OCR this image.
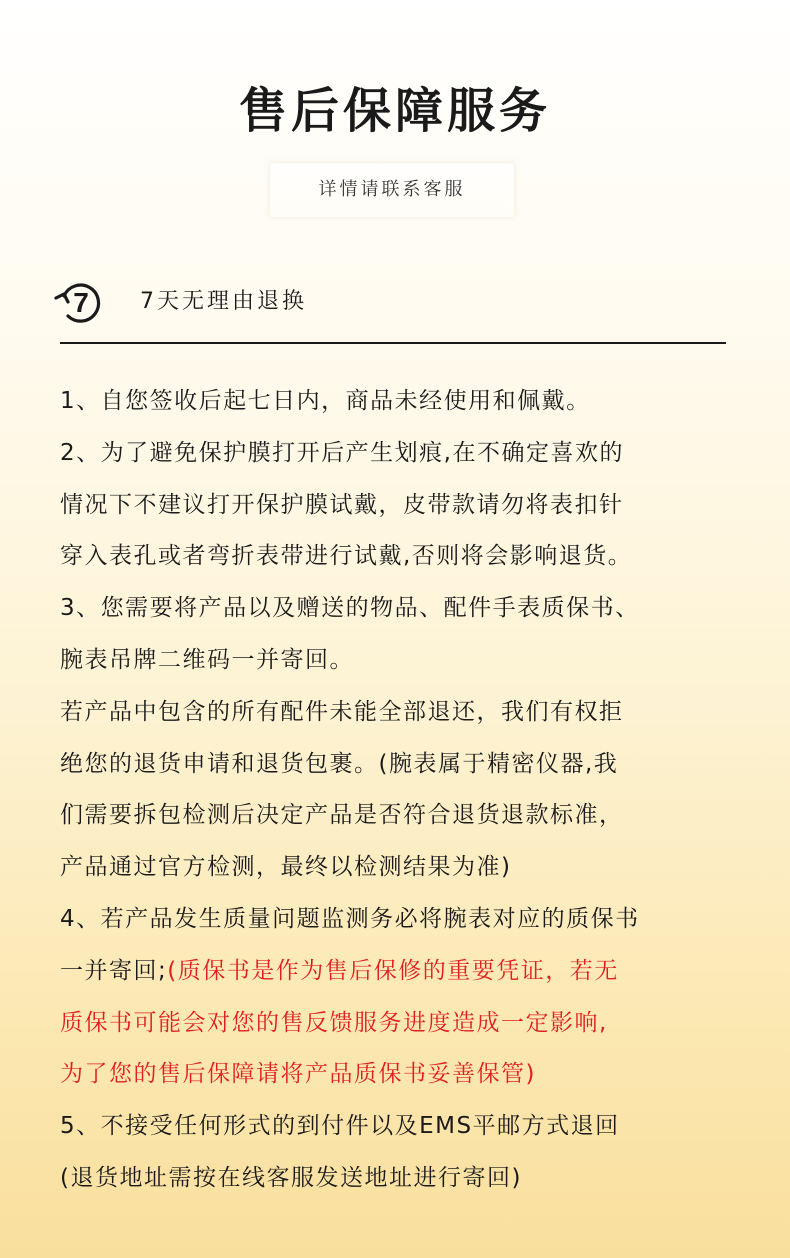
售后保障服务
详情请联系客服
7 7天无理由退换
1、自您签收后起七日内，商品未经使用和佩戴。
2、为了避免保护膜打开后产生划痕,在不确定喜欢的
情况下不建议打开保护膜试戴，皮带款请勿将表扣针
穿入表孔或者弯折表带进行试戴,否则将会影响退货。
3、您需要将产品以及赠送的物品、配件手表质保书、
腕表吊牌二维码一并寄回。
若产品中包含的所有配件未能全部退还，我们有权拒
绝您的退货申请和退货包裹。(腕表属于精密仪器,我
们需要拆包检测后决定产品是否符合退货退款标准，
产品通过官方检测，最终以检测结果为准)
4、若产品发生质量问题监测务必将腕表对应的质保书
一并寄回;(质保书是作为售后保修的重要凭证，若无
质保书可能会对您的售反馈服务进度造成一定影响,
为了您的售后保障请将产品质保书妥善保管)
5、不接受任何形式的到付件以及EMS平邮方式退回
(退货地址需按在线客服发送地址进行寄回)
